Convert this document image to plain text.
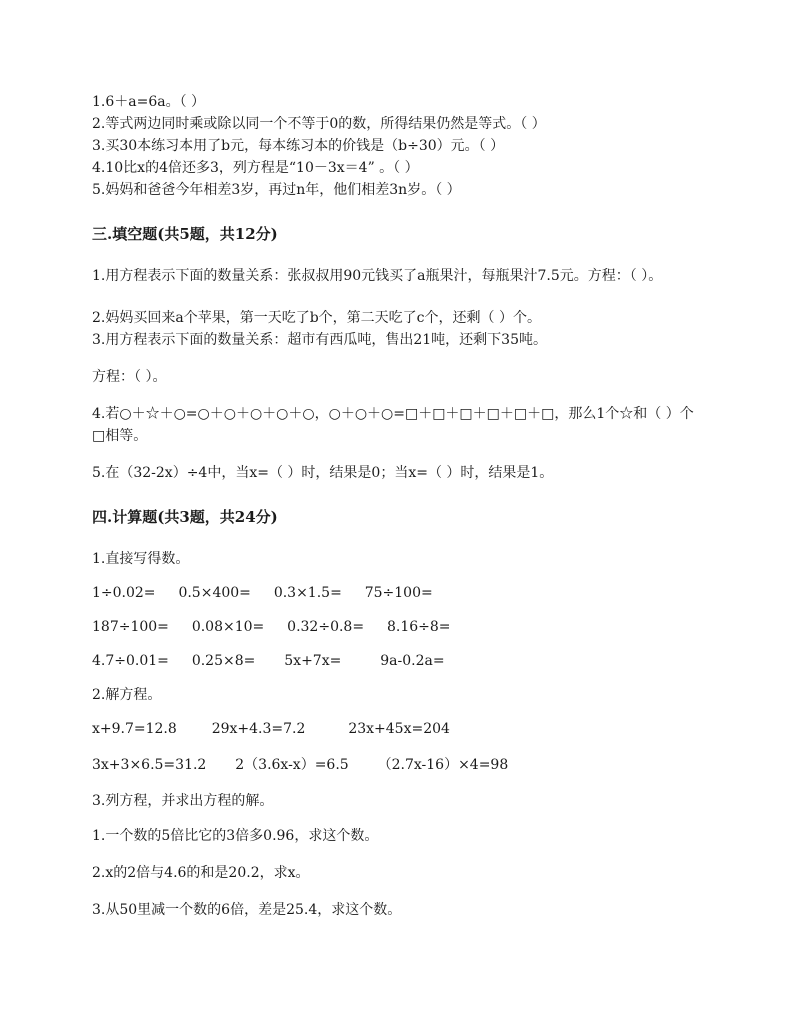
1.6＋a=6a。（ ）
2.等式两边同时乘或除以同一个不等于0的数，所得结果仍然是等式。（ ）
3.买30本练习本用了b元，每本练习本的价钱是（b÷30）元。（ ）
4.10比x的4倍还多3，列方程是“10－3x＝4” 。（ ）
5.妈妈和爸爸今年相差3岁，再过n年，他们相差3n岁。（ ）
三.填空题(共5题，共12分)
1.用方程表示下面的数量关系：张叔叔用90元钱买了a瓶果汁，每瓶果汁7.5元。方程：（ ）。
2.妈妈买回来a个苹果，第一天吃了b个，第二天吃了c个，还剩（ ）个。
3.用方程表示下面的数量关系：超市有西瓜吨，售出21吨，还剩下35吨。
方程：（ ）。
4.若○＋☆＋○=○＋○＋○＋○＋○，○＋○＋○=□＋□＋□＋□＋□＋□，那么1个☆和（ ）个□相等。
5.在（32-2x）÷4中，当x=（ ）时，结果是0；当x=（ ）时，结果是1。
四.计算题(共3题，共24分)
1.直接写得数。
1÷0.02= 0.5×400= 0.3×1.5= 75÷100=
187÷100= 0.08×10= 0.32÷0.8= 8.16÷8=
4.7÷0.01= 0.25×8= 5x+7x=	9a-0.2a=
2.解方程。
x+9.7=12.8 29x+4.3=7.2	23x+45x=204
3x+3×6.5=31.2 2（3.6x-x）=6.5 （2.7x-16）×4=98
3.列方程，并求出方程的解。
1.一个数的5倍比它的3倍多0.96，求这个数。
2.x的2倍与4.6的和是20.2，求x。
3.从50里减一个数的6倍，差是25.4，求这个数。
